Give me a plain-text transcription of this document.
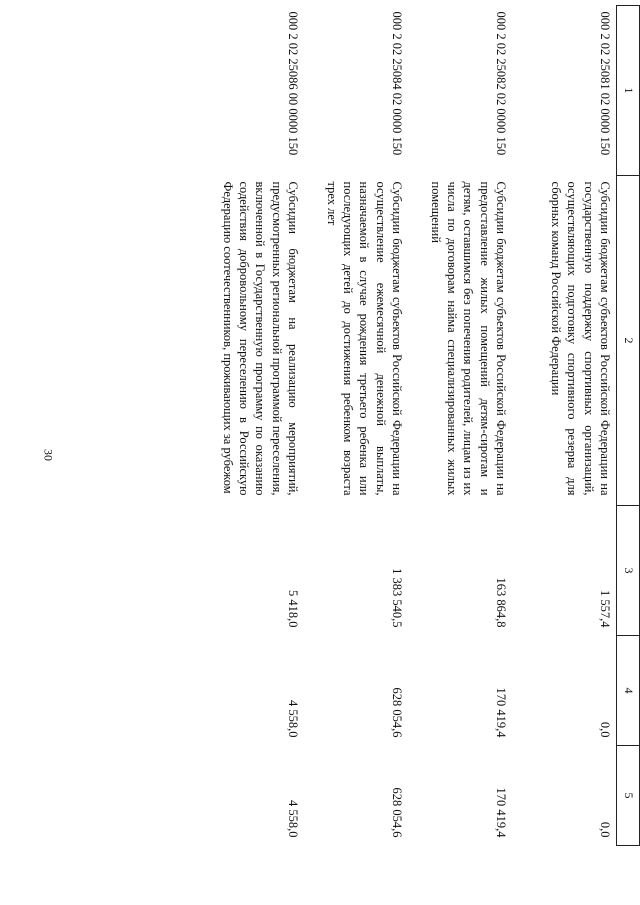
30
1	2	3	4	5
000 2 02 25081 02 0000 150	Субсидии бюджетам субъектов Российской Федерации на государственную поддержку спортивных организаций, осуществляющих подготовку спортивного резерва для сборных команд Российской Федерации	1 557,4	0,0	0,0
000 2 02 25082 02 0000 150	Субсидии бюджетам субъектов Российской Федерации на предоставление жилых помещений детям-сиротам и детям, оставшимся без попечения родителей, лицам из их числа по договорам найма специализированных жилых помещений	163 864,8	170 419,4	170 419,4
000 2 02 25084 02 0000 150	Субсидии бюджетам субъектов Российской Федерации на осуществление ежемесячной денежной выплаты, назначаемой в случае рождения третьего ребенка или последующих детей до достижения ребенком возраста трех лет	1 383 540,5	628 054,6	628 054,6
000 2 02 25086 00 0000 150	Субсидии бюджетам на реализацию мероприятий, предусмотренных региональной программой переселения, включенной в Государственную программу по оказанию содействия добровольному переселению в Российскую Федерацию соотечественников, проживающих за рубежом	5 418,0	4 558,0	4 558,0
